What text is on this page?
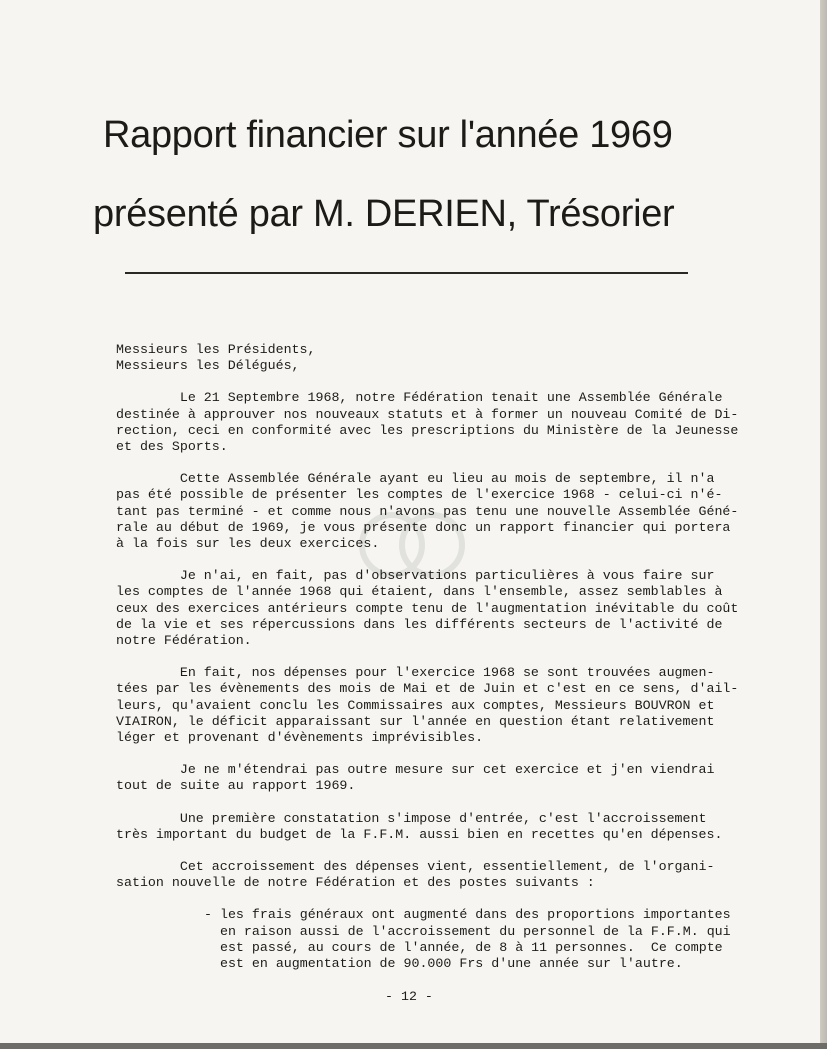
Rapport financier sur l'année 1969
présenté par M. DERIEN, Trésorier

Messieurs les Présidents,

Messieurs les Délégués,

Le 21 Septembre 1968, notre Fédération tenait une Assemblée Générale
destinée à approuver nos nouveaux statuts et à former un nouveau Comité de Di-
rection, ceci en conformité avec les prescriptions du Ministère de la Jeunesse
et des Sports.

Cette Assemblée Générale ayant eu lieu au mois de septembre, il n'a
pas été possible de présenter les comptes de l'exercice 1968 - celui-ci n'é-
tant pas terminé - et comme nous n'avons pas tenu une nouvelle Assemblée Géné-
rale au début de 1969, je vous présente donc un rapport financier qui portera
à la fois sur les deux exercices.

Je n'ai, en fait, pas d'observations particulières à vous faire sur
les comptes de l'année 1968 qui étaient, dans l'ensemble, assez semblables à
ceux des exercices antérieurs compte tenu de l'augmentation inévitable du coût
de la vie et ses répercussions dans les différents secteurs de l'activité de
notre Fédération.

En fait, nos dépenses pour l'exercice 1968 se sont trouvées augmen-
tées par les évènements des mois de Mai et de Juin et c'est en ce sens, d'ail-
leurs, qu'avaient conclu les Commissaires aux comptes, Messieurs BOUVRON et
VIAIRON, le déficit apparaissant sur l'année en question étant relativement
léger et provenant d'évènements imprévisibles.

Je ne m'étendrai pas outre mesure sur cet exercice et j'en viendrai
tout de suite au rapport 1969.

Une première constatation s'impose d'entrée, c'est l'accroissement
très important du budget de la F.F.M. aussi bien en recettes qu'en dépenses.

Cet accroissement des dépenses vient, essentiellement, de l'organi-
sation nouvelle de notre Fédération et des postes suivants :

- les frais généraux ont augmenté dans des proportions importantes
en raison aussi de l'accroissement du personnel de la F.F.M. qui
est passé, au cours de l'année, de 8 à 11 personnes.  Ce compte
est en augmentation de 90.000 Frs d'une année sur l'autre.

- 12 -
